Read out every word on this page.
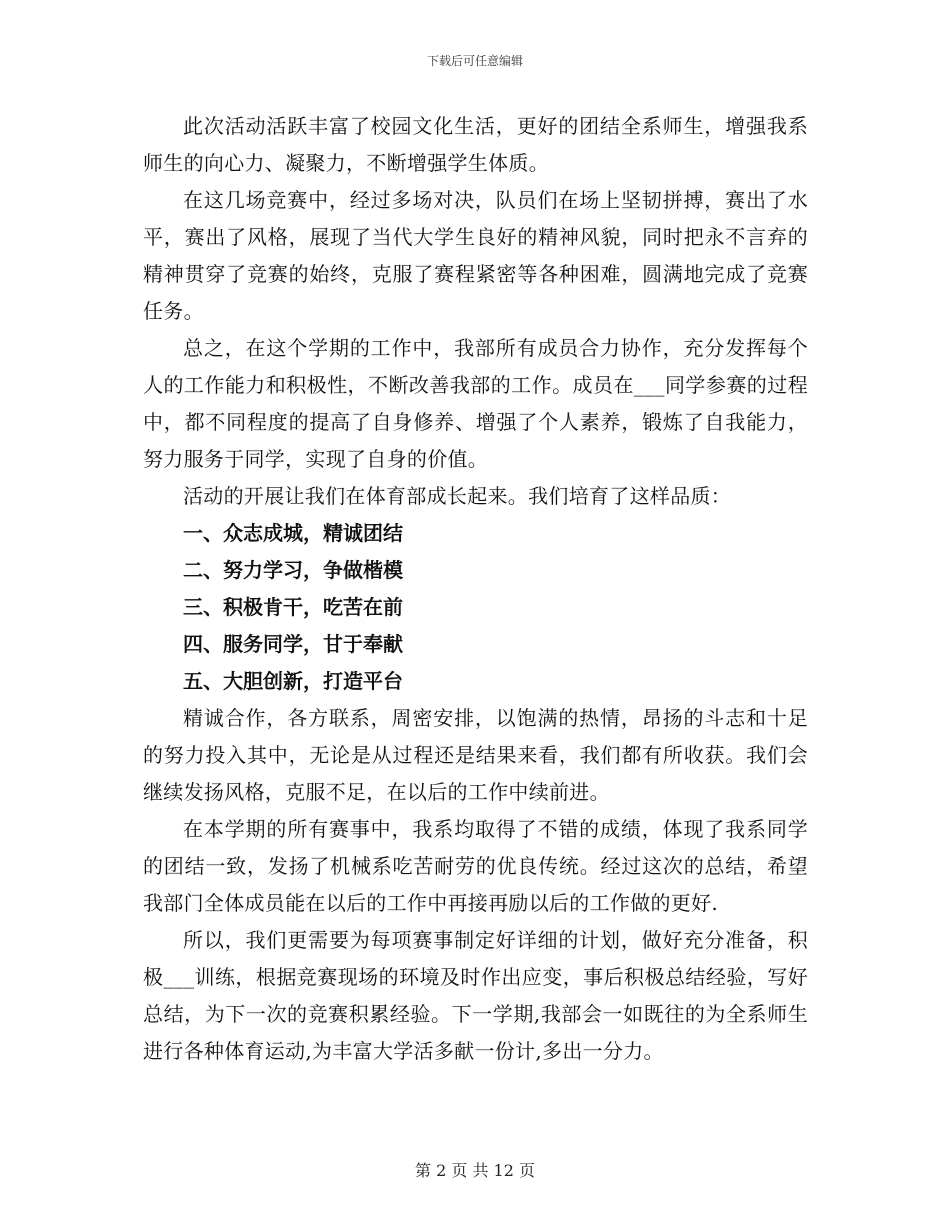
下载后可任意编辑

此次活动活跃丰富了校园文化生活，更好的团结全系师生，增强我系师生的向心力、凝聚力，不断增强学生体质。

在这几场竞赛中，经过多场对决，队员们在场上坚韧拼搏，赛出了水平，赛出了风格，展现了当代大学生良好的精神风貌，同时把永不言弃的精神贯穿了竞赛的始终，克服了赛程紧密等各种困难，圆满地完成了竞赛任务。

总之，在这个学期的工作中，我部所有成员合力协作，充分发挥每个人的工作能力和积极性，不断改善我部的工作。成员在___同学参赛的过程中，都不同程度的提高了自身修养、增强了个人素养，锻炼了自我能力，努力服务于同学，实现了自身的价值。

活动的开展让我们在体育部成长起来。我们培育了这样品质：

一、众志成城，精诚团结

二、努力学习，争做楷模

三、积极肯干，吃苦在前

四、服务同学，甘于奉献

五、大胆创新，打造平台

精诚合作，各方联系，周密安排，以饱满的热情，昂扬的斗志和十足的努力投入其中，无论是从过程还是结果来看，我们都有所收获。我们会继续发扬风格，克服不足，在以后的工作中续前进。

在本学期的所有赛事中，我系均取得了不错的成绩，体现了我系同学的团结一致，发扬了机械系吃苦耐劳的优良传统。经过这次的总结，希望我部门全体成员能在以后的工作中再接再励以后的工作做的更好.

所以，我们更需要为每项赛事制定好详细的计划，做好充分准备，积极___训练，根据竞赛现场的环境及时作出应变，事后积极总结经验，写好总结，为下一次的竞赛积累经验。下一学期,我部会一如既往的为全系师生进行各种体育运动,为丰富大学活多献一份计,多出一分力。

第 2 页 共 12 页
